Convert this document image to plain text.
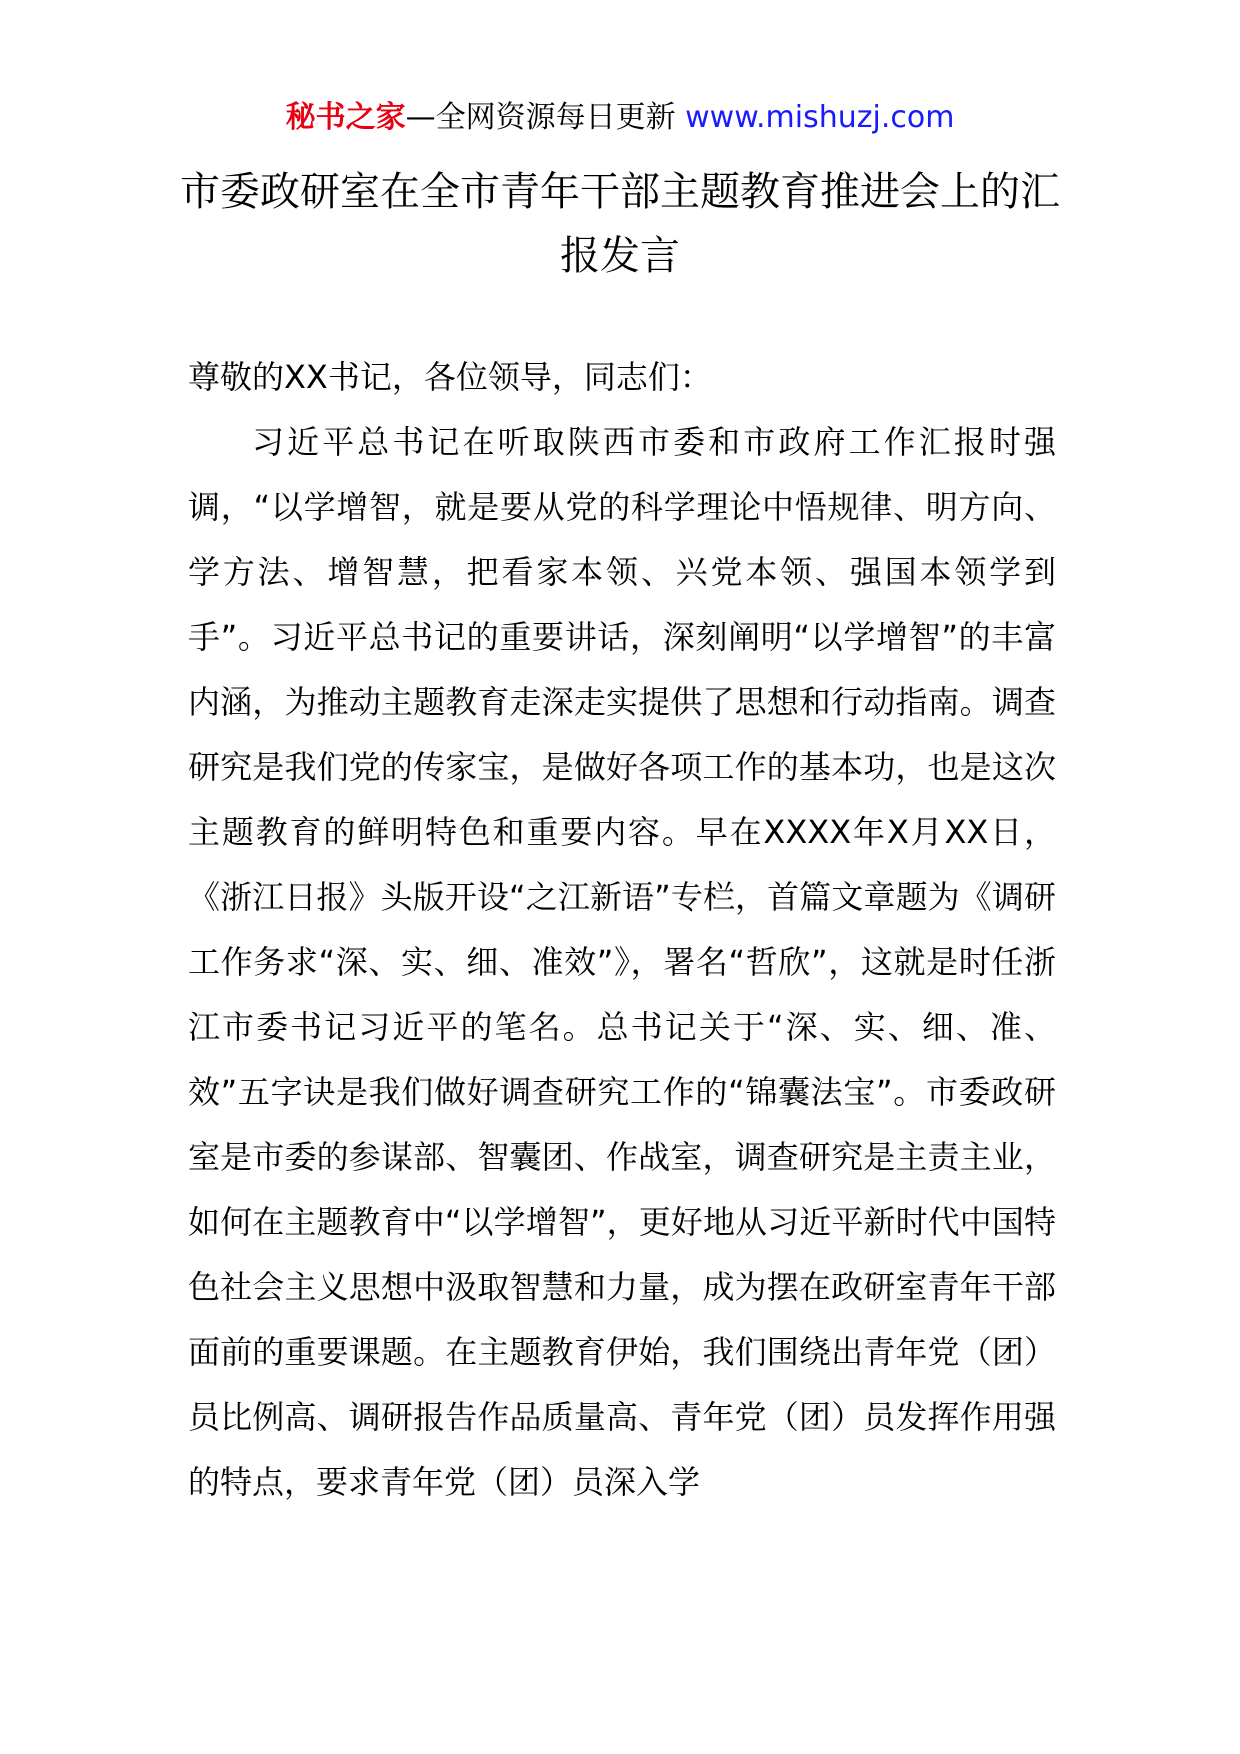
秘书之家—全网资源每日更新 www.mishuzj.com
市委政研室在全市青年干部主题教育推进会上的汇报发言

尊敬的XX书记，各位领导，同志们：

习近平总书记在听取陕西市委和市政府工作汇报时强调，“以学增智，就是要从党的科学理论中悟规律、明方向、学方法、增智慧，把看家本领、兴党本领、强国本领学到手”。习近平总书记的重要讲话，深刻阐明“以学增智”的丰富内涵，为推动主题教育走深走实提供了思想和行动指南。调查研究是我们党的传家宝，是做好各项工作的基本功，也是这次主题教育的鲜明特色和重要内容。早在XXXX年X月XX日，《浙江日报》头版开设“之江新语”专栏，首篇文章题为《调研工作务求“深、实、细、准效”》，署名“哲欣”，这就是时任浙江市委书记习近平的笔名。总书记关于“深、实、细、准、效”五字诀是我们做好调查研究工作的“锦囊法宝”。市委政研室是市委的参谋部、智囊团、作战室，调查研究是主责主业，如何在主题教育中“以学增智”，更好地从习近平新时代中国特色社会主义思想中汲取智慧和力量，成为摆在政研室青年干部面前的重要课题。在主题教育伊始，我们围绕出青年党（团）员比例高、调研报告作品质量高、青年党（团）员发挥作用强的特点，要求青年党（团）员深入学
